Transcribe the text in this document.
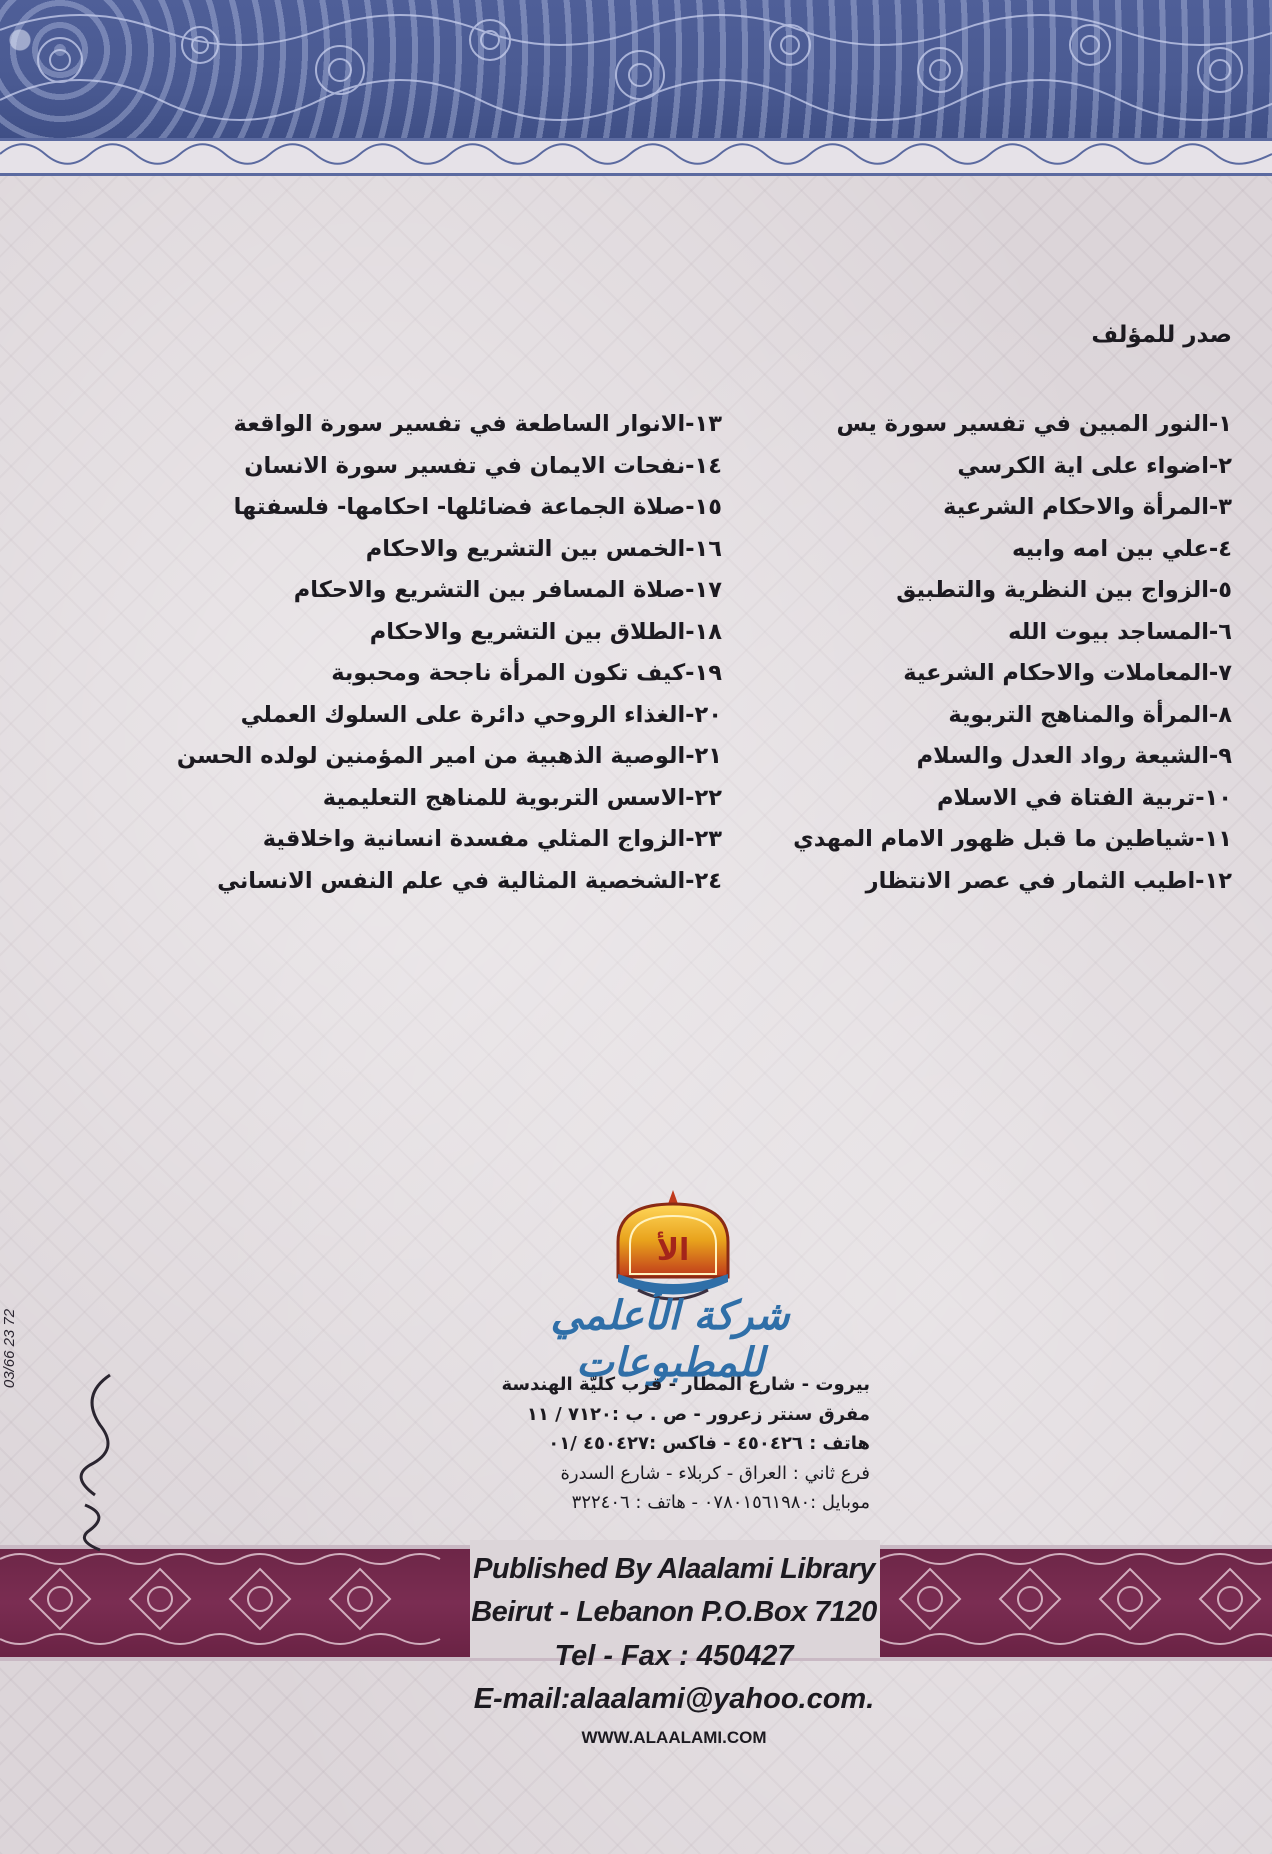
صدر للمؤلف
١-النور المبين في تفسير سورة يس
٢-اضواء على اية الكرسي
٣-المرأة والاحكام الشرعية
٤-علي بين امه وابيه
٥-الزواج بين النظرية والتطبيق
٦-المساجد بيوت الله
٧-المعاملات والاحكام الشرعية
٨-المرأة والمناهج التربوية
٩-الشيعة رواد العدل والسلام
١٠-تربية الفتاة في الاسلام
١١-شياطين ما قبل ظهور الامام المهدي
١٢-اطيب الثمار في عصر الانتظار
١٣-الانوار الساطعة في تفسير سورة الواقعة
١٤-نفحات الايمان في تفسير سورة الانسان
١٥-صلاة الجماعة فضائلها- احكامها- فلسفتها
١٦-الخمس بين التشريع والاحكام
١٧-صلاة المسافر بين التشريع والاحكام
١٨-الطلاق بين التشريع والاحكام
١٩-كيف تكون المرأة ناجحة ومحبوبة
٢٠-الغذاء الروحي دائرة على السلوك العملي
٢١-الوصية الذهبية من امير المؤمنين لولده الحسن
٢٢-الاسس التربوية للمناهج التعليمية
٢٣-الزواج المثلي مفسدة انسانية واخلاقية
٢٤-الشخصية المثالية في علم النفس الانساني
الأ
شركة الأعلمي للمطبوعات
بيروت - شارع المطار - قرب كليّة الهندسة
مفرق سنتر زعرور - ص . ب :٧١٢٠ / ١١
هاتف : ٤٥٠٤٢٦ - فاكس :٤٥٠٤٢٧ /٠١
فرع ثاني : العراق - كربلاء - شارع السدرة
موبايل :٠٧٨٠١٥٦١٩٨٠ - هاتف : ٣٢٢٤٠٦
Published By Alaalami Library
Beirut - Lebanon P.O.Box 7120
Tel - Fax : 450427
E-mail:alaalami@yahoo.com.
WWW.ALAALAMI.COM
03/66 23 72
